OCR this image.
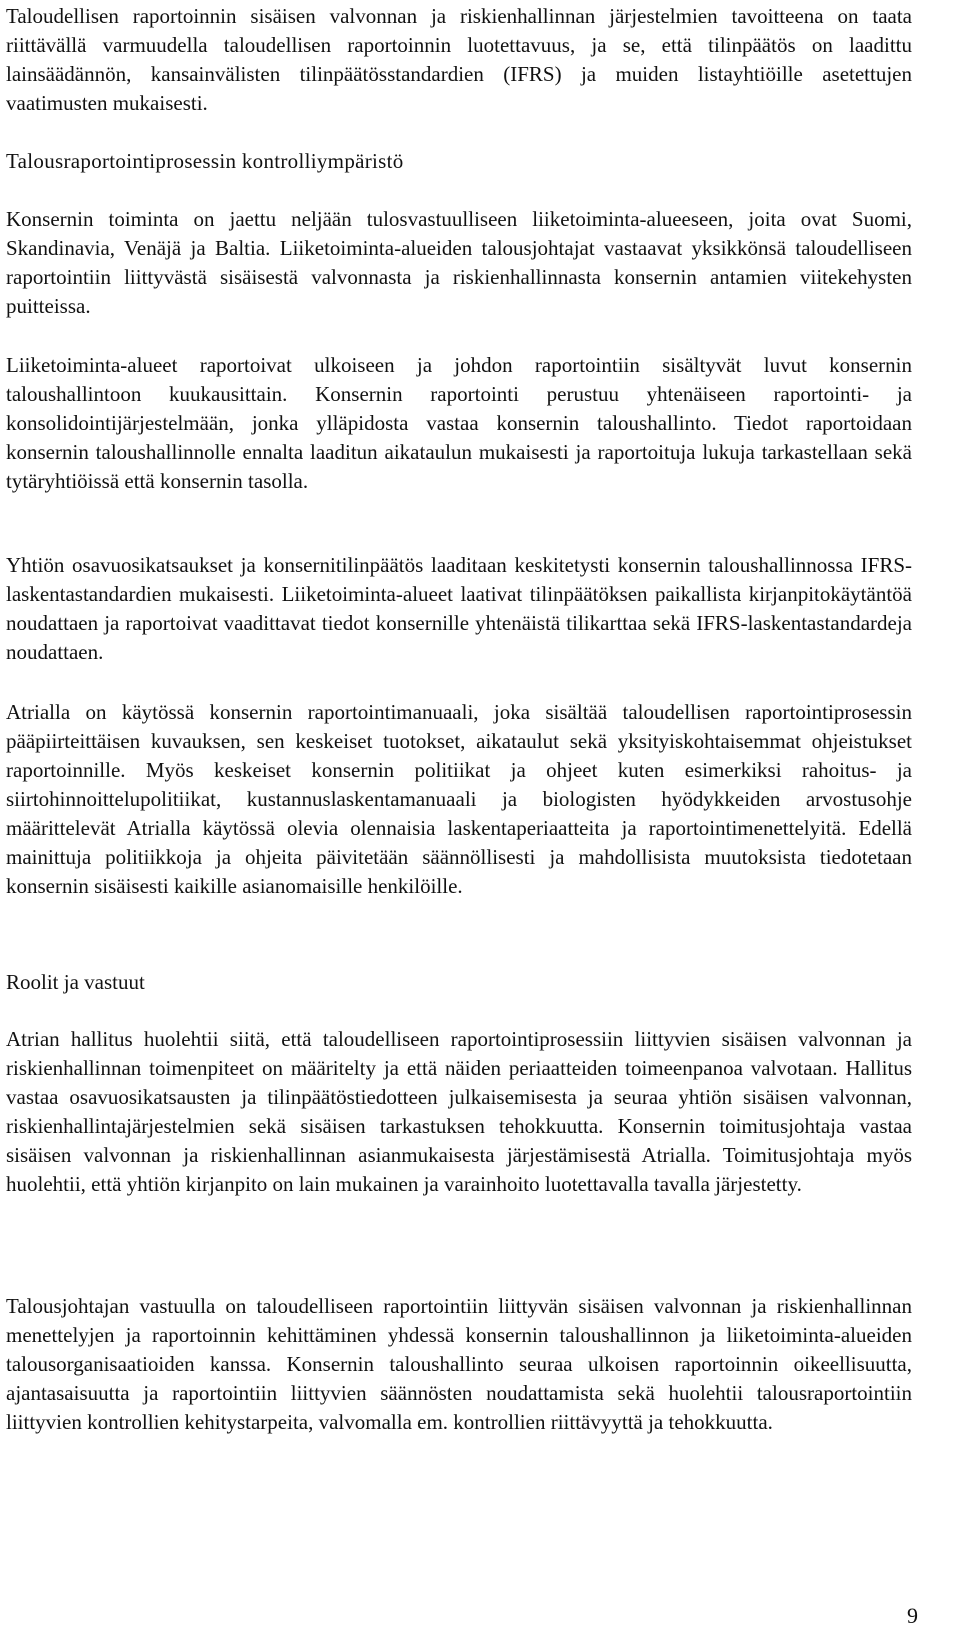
Taloudellisen raportoinnin sisäisen valvonnan ja riskienhallinnan järjestelmien tavoitteena on taata riittävällä varmuudella taloudellisen raportoinnin luotettavuus, ja se, että tilinpäätös on laadittu lainsäädännön, kansainvälisten tilinpäätösstandardien (IFRS) ja muiden listayhtiöille asetettujen vaatimusten mukaisesti.

Talousraportointiprosessin kontrolliympäristö

Konsernin toiminta on jaettu neljään tulosvastuulliseen liiketoiminta-alueeseen, joita ovat Suomi, Skandinavia, Venäjä ja Baltia. Liiketoiminta-alueiden talousjohtajat vastaavat yksikkönsä taloudelliseen raportointiin liittyvästä sisäisestä valvonnasta ja riskienhallinnasta konsernin antamien viitekehysten puitteissa.

Liiketoiminta-alueet raportoivat ulkoiseen ja johdon raportointiin sisältyvät luvut konsernin taloushallintoon kuukausittain. Konsernin raportointi perustuu yhtenäiseen raportointi- ja konsolidointijärjestelmään, jonka ylläpidosta vastaa konsernin taloushallinto. Tiedot raportoidaan konsernin taloushallinnolle ennalta laaditun aikataulun mukaisesti ja raportoituja lukuja tarkastellaan sekä tytäryhtiöissä että konsernin tasolla.

Yhtiön osavuosikatsaukset ja konsernitilinpäätös laaditaan keskitetysti konsernin taloushallinnossa IFRS-laskentastandardien mukaisesti. Liiketoiminta-alueet laativat tilinpäätöksen paikallista kirjanpitokäytäntöä noudattaen ja raportoivat vaadittavat tiedot konsernille yhtenäistä tilikarttaa sekä IFRS-laskentastandardeja noudattaen.

Atrialla on käytössä konsernin raportointimanuaali, joka sisältää taloudellisen raportointiprosessin pääpiirteittäisen kuvauksen, sen keskeiset tuotokset, aikataulut sekä yksityiskohtaisemmat ohjeistukset raportoinnille. Myös keskeiset konsernin politiikat ja ohjeet kuten esimerkiksi rahoitus- ja siirtohinnoittelupolitiikat, kustannuslaskentamanuaali ja biologisten hyödykkeiden arvostusohje määrittelevät Atrialla käytössä olevia olennaisia laskentaperiaatteita ja raportointimenettelyitä. Edellä mainittuja politiikkoja ja ohjeita päivitetään säännöllisesti ja mahdollisista muutoksista tiedotetaan konsernin sisäisesti kaikille asianomaisille henkilöille.

Roolit ja vastuut

Atrian hallitus huolehtii siitä, että taloudelliseen raportointiprosessiin liittyvien sisäisen valvonnan ja riskienhallinnan toimenpiteet on määritelty ja että näiden periaatteiden toimeenpanoa valvotaan. Hallitus vastaa osavuosikatsausten ja tilinpäätöstiedotteen julkaisemisesta ja seuraa yhtiön sisäisen valvonnan, riskienhallintajärjestelmien sekä sisäisen tarkastuksen tehokkuutta. Konsernin toimitusjohtaja vastaa sisäisen valvonnan ja riskienhallinnan asianmukaisesta järjestämisestä Atrialla. Toimitusjohtaja myös huolehtii, että yhtiön kirjanpito on lain mukainen ja varainhoito luotettavalla tavalla järjestetty.

Talousjohtajan vastuulla on taloudelliseen raportointiin liittyvän sisäisen valvonnan ja riskienhallinnan menettelyjen ja raportoinnin kehittäminen yhdessä konsernin taloushallinnon ja liiketoiminta-alueiden talousorganisaatioiden kanssa. Konsernin taloushallinto seuraa ulkoisen raportoinnin oikeellisuutta, ajantasaisuutta ja raportointiin liittyvien säännösten noudattamista sekä huolehtii talousraportointiin liittyvien kontrollien kehitystarpeita, valvomalla em. kontrollien riittävyyttä ja tehokkuutta.

9
